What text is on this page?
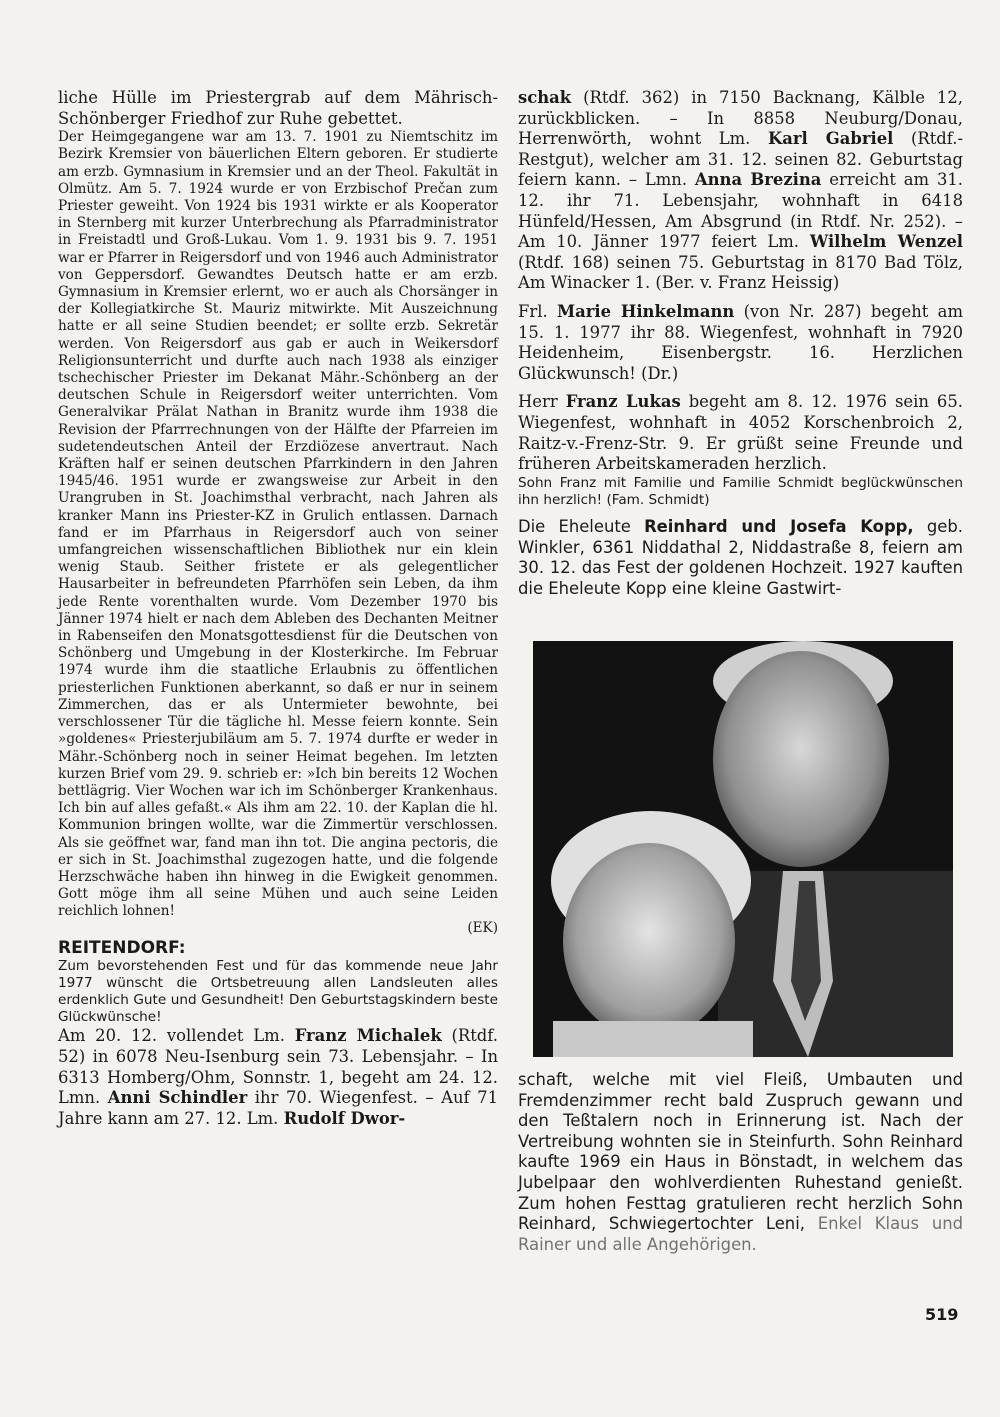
liche Hülle im Priestergrab auf dem Mährisch-Schönberger Friedhof zur Ruhe gebettet.

Der Heimgegangene war am 13. 7. 1901 zu Niemtschitz im Bezirk Kremsier von bäuerlichen Eltern geboren. Er studierte am erzb. Gymnasium in Kremsier und an der Theol. Fakultät in Olmütz. Am 5. 7. 1924 wurde er von Erzbischof Prečan zum Priester geweiht. Von 1924 bis 1931 wirkte er als Kooperator in Sternberg mit kurzer Unterbrechung als Pfarradministrator in Freistadtl und Groß-Lukau. Vom 1. 9. 1931 bis 9. 7. 1951 war er Pfarrer in Reigersdorf und von 1946 auch Administrator von Geppersdorf. Gewandtes Deutsch hatte er am erzb. Gymnasium in Kremsier erlernt, wo er auch als Chorsänger in der Kollegiatkirche St. Mauriz mitwirkte. Mit Auszeichnung hatte er all seine Studien beendet; er sollte erzb. Sekretär werden. Von Reigersdorf aus gab er auch in Weikersdorf Religionsunterricht und durfte auch nach 1938 als einziger tschechischer Priester im Dekanat Mähr.-Schönberg an der deutschen Schule in Reigersdorf weiter unterrichten. Vom Generalvikar Prälat Nathan in Branitz wurde ihm 1938 die Revision der Pfarrrechnungen von der Hälfte der Pfarreien im sudetendeutschen Anteil der Erzdiözese anvertraut. Nach Kräften half er seinen deutschen Pfarrkindern in den Jahren 1945/46. 1951 wurde er zwangsweise zur Arbeit in den Urangruben in St. Joachimsthal verbracht, nach Jahren als kranker Mann ins Priester-KZ in Grulich entlassen. Darnach fand er im Pfarrhaus in Reigersdorf auch von seiner umfangreichen wissenschaftlichen Bibliothek nur ein klein wenig Staub. Seither fristete er als gelegentlicher Hausarbeiter in befreundeten Pfarrhöfen sein Leben, da ihm jede Rente vorenthalten wurde. Vom Dezember 1970 bis Jänner 1974 hielt er nach dem Ableben des Dechanten Meitner in Rabenseifen den Monatsgottesdienst für die Deutschen von Schönberg und Umgebung in der Klosterkirche. Im Februar 1974 wurde ihm die staatliche Erlaubnis zu öffentlichen priesterlichen Funktionen aberkannt, so daß er nur in seinem Zimmerchen, das er als Untermieter bewohnte, bei verschlossener Tür die tägliche hl. Messe feiern konnte. Sein »goldenes« Priesterjubiläum am 5. 7. 1974 durfte er weder in Mähr.-Schönberg noch in seiner Heimat begehen. Im letzten kurzen Brief vom 29. 9. schrieb er: »Ich bin bereits 12 Wochen bettlägrig. Vier Wochen war ich im Schönberger Krankenhaus. Ich bin auf alles gefaßt.« Als ihm am 22. 10. der Kaplan die hl. Kommunion bringen wollte, war die Zimmertür verschlossen. Als sie geöffnet war, fand man ihn tot. Die angina pectoris, die er sich in St. Joachimsthal zugezogen hatte, und die folgende Herzschwäche haben ihn hinweg in die Ewigkeit genommen. Gott möge ihm all seine Mühen und auch seine Leiden reichlich lohnen!

(EK)
REITENDORF:

Zum bevorstehenden Fest und für das kommende neue Jahr 1977 wünscht die Ortsbetreuung allen Landsleuten alles erdenklich Gute und Gesundheit! Den Geburtstagskindern beste Glückwünsche!

Am 20. 12. vollendet Lm. Franz Michalek (Rtdf. 52) in 6078 Neu-Isenburg sein 73. Lebensjahr. – In 6313 Homberg/Ohm, Sonnstr. 1, begeht am 24. 12. Lmn. Anni Schindler ihr 70. Wiegenfest. – Auf 71 Jahre kann am 27. 12. Lm. Rudolf Dwor-

schak (Rtdf. 362) in 7150 Backnang, Kälble 12, zurückblicken. – In 8858 Neuburg/Donau, Herrenwörth, wohnt Lm. Karl Gabriel (Rtdf.-Restgut), welcher am 31. 12. seinen 82. Geburtstag feiern kann. – Lmn. Anna Brezina erreicht am 31. 12. ihr 71. Lebensjahr, wohnhaft in 6418 Hünfeld/Hessen, Am Absgrund (in Rtdf. Nr. 252). – Am 10. Jänner 1977 feiert Lm. Wilhelm Wenzel (Rtdf. 168) seinen 75. Geburtstag in 8170 Bad Tölz, Am Winacker 1. (Ber. v. Franz Heissig)

Frl. Marie Hinkelmann (von Nr. 287) begeht am 15. 1. 1977 ihr 88. Wiegenfest, wohnhaft in 7920 Heidenheim, Eisenbergstr. 16. Herzlichen Glückwunsch! (Dr.)

Herr Franz Lukas begeht am 8. 12. 1976 sein 65. Wiegenfest, wohnhaft in 4052 Korschenbroich 2, Raitz-v.-Frenz-Str. 9. Er grüßt seine Freunde und früheren Arbeitskameraden herzlich.

Sohn Franz mit Familie und Familie Schmidt beglückwünschen ihn herzlich! (Fam. Schmidt)

Die Eheleute Reinhard und Josefa Kopp, geb. Winkler, 6361 Niddathal 2, Niddastraße 8, feiern am 30. 12. das Fest der goldenen Hochzeit. 1927 kauften die Eheleute Kopp eine kleine Gastwirt-

schaft, welche mit viel Fleiß, Umbauten und Fremdenzimmer recht bald Zuspruch gewann und den Teßtalern noch in Erinnerung ist. Nach der Vertreibung wohnten sie in Steinfurth. Sohn Reinhard kaufte 1969 ein Haus in Bönstadt, in welchem das Jubelpaar den wohlverdienten Ruhestand genießt. Zum hohen Festtag gratulieren recht herzlich Sohn Reinhard, Schwiegertochter Leni, Enkel Klaus und Rainer und alle Angehörigen.

519
